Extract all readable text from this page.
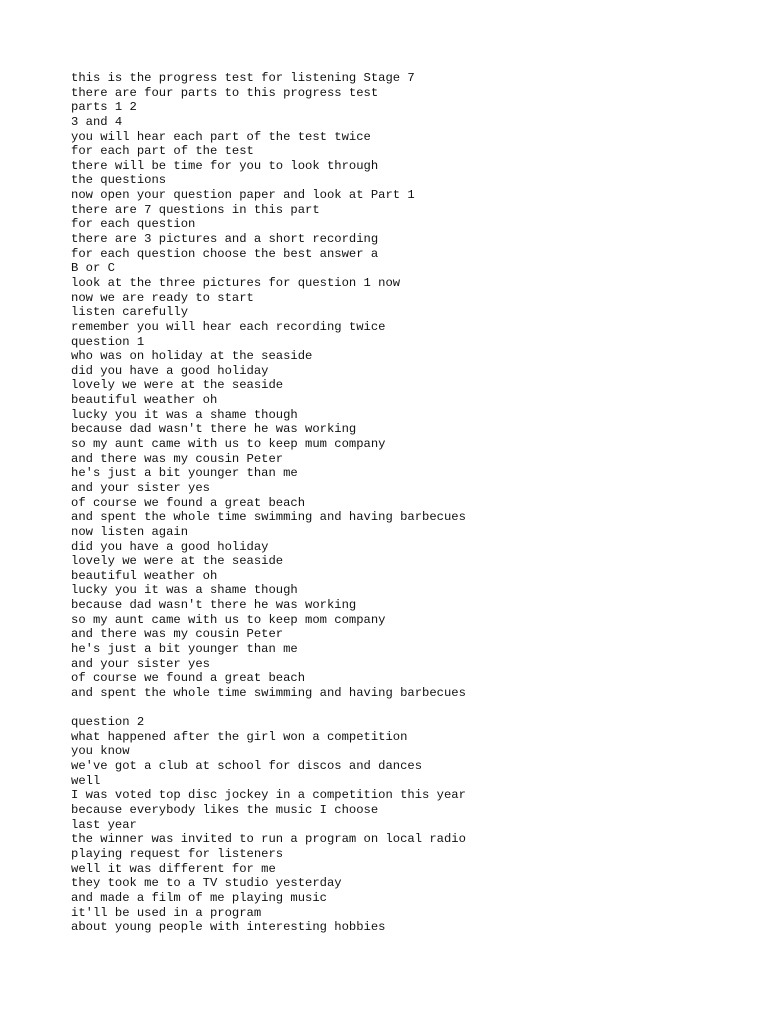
this is the progress test for listening Stage 7
there are four parts to this progress test
parts 1 2
3 and 4
you will hear each part of the test twice
for each part of the test
there will be time for you to look through
the questions
now open your question paper and look at Part 1
there are 7 questions in this part
for each question
there are 3 pictures and a short recording
for each question choose the best answer a
B or C
look at the three pictures for question 1 now
now we are ready to start
listen carefully
remember you will hear each recording twice
question 1
who was on holiday at the seaside
did you have a good holiday
lovely we were at the seaside
beautiful weather oh
lucky you it was a shame though
because dad wasn't there he was working
so my aunt came with us to keep mum company
and there was my cousin Peter
he's just a bit younger than me
and your sister yes
of course we found a great beach
and spent the whole time swimming and having barbecues
now listen again
did you have a good holiday
lovely we were at the seaside
beautiful weather oh
lucky you it was a shame though
because dad wasn't there he was working
so my aunt came with us to keep mom company
and there was my cousin Peter
he's just a bit younger than me
and your sister yes
of course we found a great beach
and spent the whole time swimming and having barbecues
question 2
what happened after the girl won a competition
you know
we've got a club at school for discos and dances
well
I was voted top disc jockey in a competition this year
because everybody likes the music I choose
last year
the winner was invited to run a program on local radio
playing request for listeners
well it was different for me
they took me to a TV studio yesterday
and made a film of me playing music
it'll be used in a program
about young people with interesting hobbies
